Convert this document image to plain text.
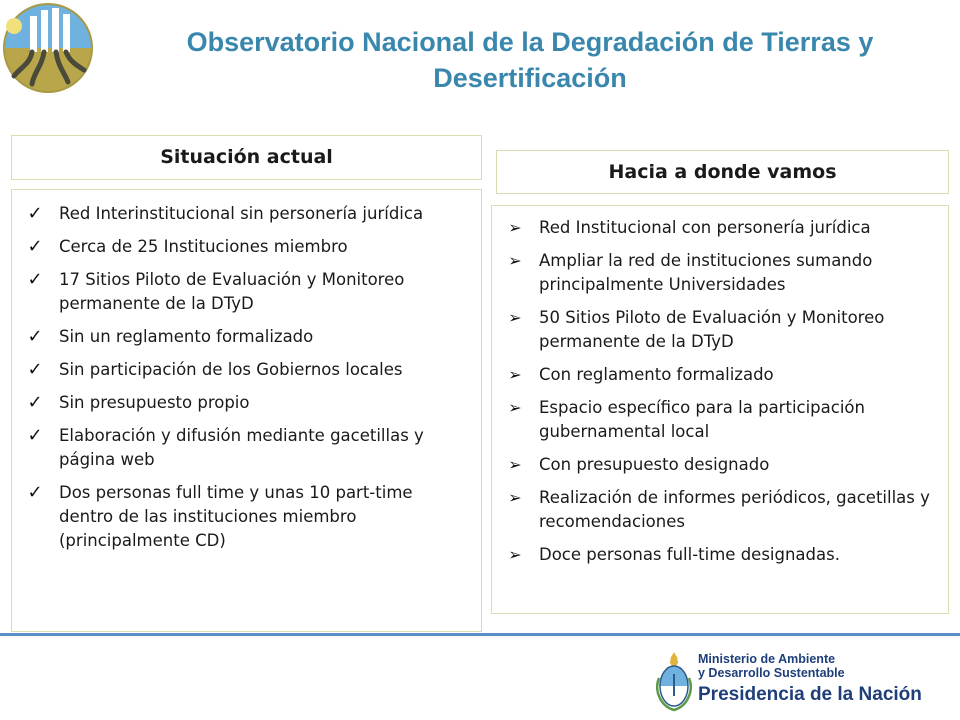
Observatorio Nacional de la Degradación de Tierras y Desertificación
Situación actual
✓ Red Interinstitucional sin personería jurídica
✓ Cerca de 25 Instituciones miembro
✓ 17 Sitios Piloto de Evaluación y Monitoreo permanente de la DTyD
✓ Sin un reglamento formalizado
✓ Sin participación de los Gobiernos locales
✓ Sin presupuesto propio
✓ Elaboración y difusión mediante gacetillas y página web
✓ Dos personas full time y unas 10 part-time dentro de las instituciones miembro (principalmente CD)
Hacia a donde vamos
➢ Red Institucional con personería jurídica
➢ Ampliar la red de instituciones sumando principalmente Universidades
➢ 50 Sitios Piloto de Evaluación y Monitoreo permanente de la DTyD
➢ Con reglamento formalizado
➢ Espacio específico para la participación gubernamental local
➢ Con presupuesto designado
➢ Realización de informes periódicos, gacetillas y recomendaciones
➢ Doce personas full-time designadas.
Ministerio de Ambiente
y Desarrollo Sustentable
Presidencia de la Nación
